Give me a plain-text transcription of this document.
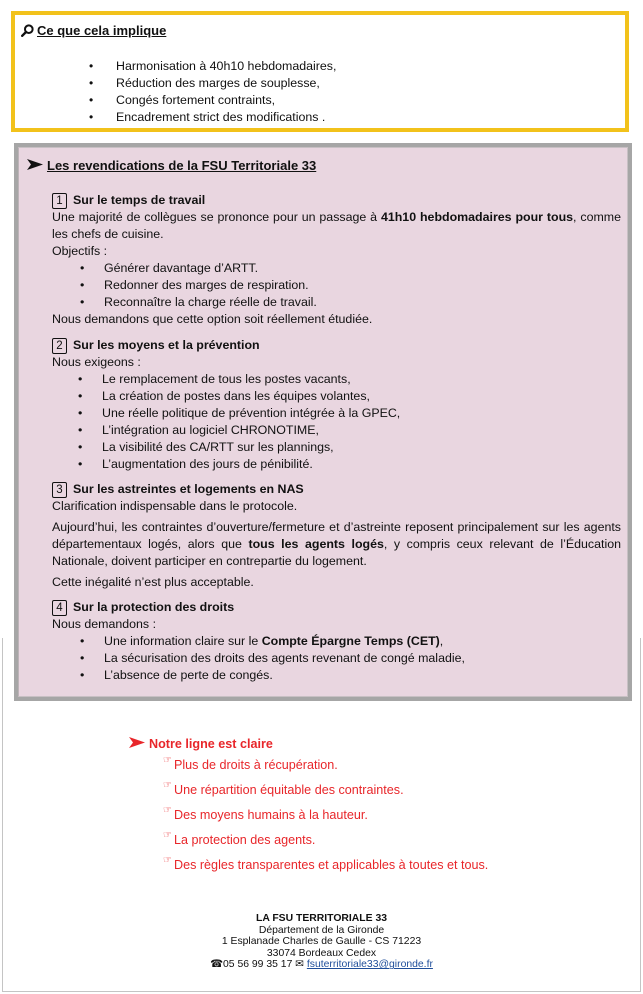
Ce que cela implique
• Harmonisation à 40h10 hebdomadaires,
• Réduction des marges de souplesse,
• Congés fortement contraints,
• Encadrement strict des modifications .
Les revendications de la FSU Territoriale 33
1 Sur le temps de travail

Une majorité de collègues se prononce pour un passage à 41h10 hebdomadaires pour tous, comme les chefs de cuisine.

Objectifs :

• Générer davantage d’ARTT.
• Redonner des marges de respiration.
• Reconnaître la charge réelle de travail.

Nous demandons que cette option soit réellement étudiée.

2 Sur les moyens et la prévention

Nous exigeons :

• Le remplacement de tous les postes vacants,
• La création de postes dans les équipes volantes,
• Une réelle politique de prévention intégrée à la GPEC,
• L’intégration au logiciel CHRONOTIME,
• La visibilité des CA/RTT sur les plannings,
• L’augmentation des jours de pénibilité.
3 Sur les astreintes et logements en NAS

Clarification indispensable dans le protocole.

Aujourd’hui, les contraintes d’ouverture/fermeture et d’astreinte reposent principalement sur les agents départementaux logés, alors que tous les agents logés, y compris ceux relevant de l’Éducation Nationale, doivent participer en contrepartie du logement.

Cette inégalité n’est plus acceptable.

4 Sur la protection des droits

Nous demandons :

• Une information claire sur le Compte Épargne Temps (CET),
• La sécurisation des droits des agents revenant de congé maladie,
• L’absence de perte de congés.
Notre ligne est claire
☞ Plus de droits à récupération.
☞ Une répartition équitable des contraintes.
☞ Des moyens humains à la hauteur.
☞ La protection des agents.
☞ Des règles transparentes et applicables à toutes et tous.
LA FSU TERRITORIALE 33
Département de la Gironde
1 Esplanade Charles de Gaulle - CS 71223
33074 Bordeaux Cedex
☎05 56 99 35 17 ✉ fsuterritoriale33@gironde.fr
